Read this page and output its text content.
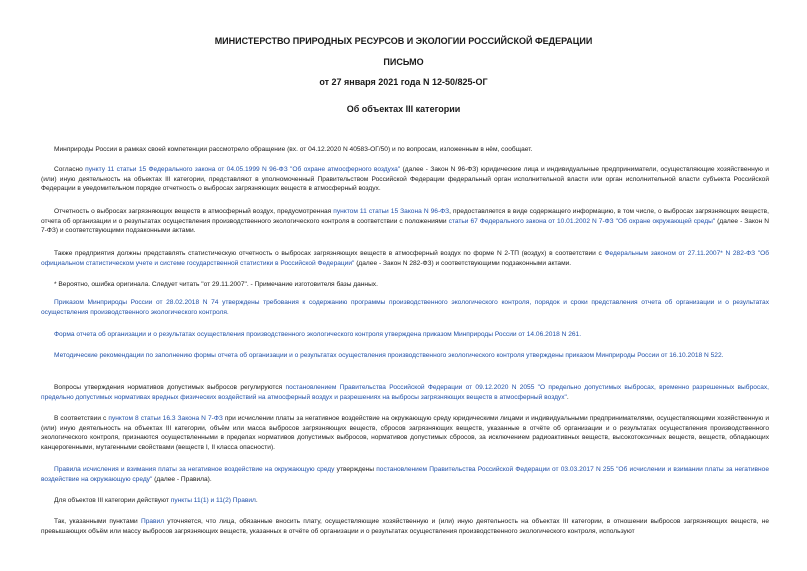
МИНИСТЕРСТВО ПРИРОДНЫХ РЕСУРСОВ И ЭКОЛОГИИ РОССИЙСКОЙ ФЕДЕРАЦИИ

ПИСЬМО

от 27 января 2021 года N 12-50/825-ОГ

Об объектах III категории

Минприроды России в рамках своей компетенции рассмотрело обращение (вх. от 04.12.2020 N 40583-ОГ/50) и по вопросам, изложенным в нём, сообщает.

Согласно пункту 11 статьи 15 Федерального закона от 04.05.1999 N 96-ФЗ "Об охране атмосферного воздуха" (далее - Закон N 96-ФЗ) юридические лица и индивидуальные предприниматели, осуществляющие хозяйственную и (или) иную деятельность на объектах III категории, представляют в уполномоченный Правительством Российской Федерации федеральный орган исполнительной власти или орган исполнительной власти субъекта Российской Федерации в уведомительном порядке отчетность о выбросах загрязняющих веществ в атмосферный воздух.

Отчетность о выбросах загрязняющих веществ в атмосферный воздух, предусмотренная пунктом 11 статьи 15 Закона N 96-ФЗ, предоставляется в виде содержащего информацию, в том числе, о выбросах загрязняющих веществ, отчета об организации и о результатах осуществления производственного экологического контроля в соответствии с положениями статьи 67 Федерального закона от 10.01.2002 N 7-ФЗ "Об охране окружающей среды" (далее - Закон N 7-ФЗ) и соответствующими подзаконными актами.

Также предприятия должны представлять статистическую отчетность о выбросах загрязняющих веществ в атмосферный воздух по форме N 2-ТП (воздух) в соответствии с Федеральным законом от 27.11.2007* N 282-ФЗ "Об официальном статистическом учете и системе государственной статистики в Российской Федерации" (далее - Закон N 282-ФЗ) и соответствующими подзаконными актами.

* Вероятно, ошибка оригинала. Следует читать "от 29.11.2007". - Примечание изготовителя базы данных.

Приказом Минприроды России от 28.02.2018 N 74 утверждены требования к содержанию программы производственного экологического контроля, порядок и сроки представления отчета об организации и о результатах осуществления производственного экологического контроля.

Форма отчета об организации и о результатах осуществления производственного экологического контроля утверждена приказом Минприроды России от 14.06.2018 N 261.

Методические рекомендации по заполнению формы отчета об организации и о результатах осуществления производственного экологического контроля утверждены приказом Минприроды России от 16.10.2018 N 522.

Вопросы утверждения нормативов допустимых выбросов регулируются постановлением Правительства Российской Федерации от 09.12.2020 N 2055 "О предельно допустимых выбросах, временно разрешенных выбросах, предельно допустимых нормативах вредных физических воздействий на атмосферный воздух и разрешениях на выбросы загрязняющих веществ в атмосферный воздух".

В соответствии с пунктом 8 статьи 16.3 Закона N 7-ФЗ при исчислении платы за негативное воздействие на окружающую среду юридическими лицами и индивидуальными предпринимателями, осуществляющими хозяйственную и (или) иную деятельность на объектах III категории, объём или масса выбросов загрязняющих веществ, сбросов загрязняющих веществ, указанные в отчёте об организации и о результатах осуществления производственного экологического контроля, признаются осуществленными в пределах нормативов допустимых выбросов, нормативов допустимых сбросов, за исключением радиоактивных веществ, высокотоксичных веществ, веществ, обладающих канцерогенными, мутагенными свойствами (веществ I, II класса опасности).

Правила исчисления и взимания платы за негативное воздействие на окружающую среду утверждены постановлением Правительства Российской Федерации от 03.03.2017 N 255 "Об исчислении и взимании платы за негативное воздействие на окружающую среду" (далее - Правила).

Для объектов III категории действуют пункты 11(1) и 11(2) Правил.

Так, указанными пунктами Правил уточняется, что лица, обязанные вносить плату, осуществляющие хозяйственную и (или) иную деятельность на объектах III категории, в отношении выбросов загрязняющих веществ, не превышающих объём или массу выбросов загрязняющих веществ, указанных в отчёте об организации и о результатах осуществления производственного экологического контроля, используют
